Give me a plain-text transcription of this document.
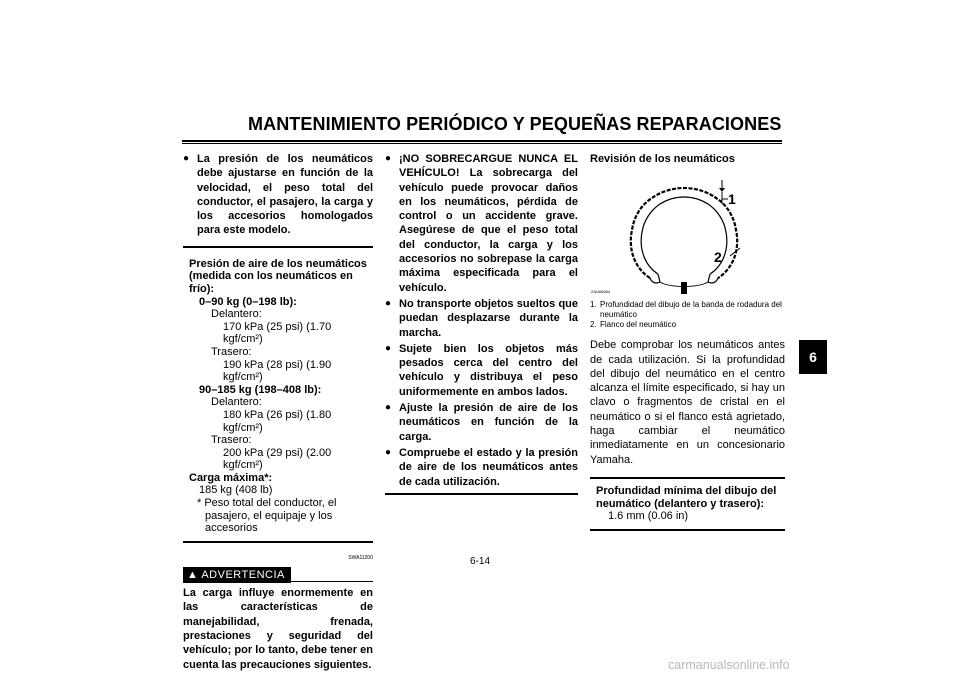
MANTENIMIENTO PERIÓDICO Y PEQUEÑAS REPARACIONES
6
● La presión de los neumáticos debe ajustarse en función de la velocidad, el peso total del conductor, el pasajero, la carga y los accesorios homologados para este modelo.
Presión de aire de los neumáticos (medida con los neumáticos en frío):
0–90 kg (0–198 lb):
Delantero:
170 kPa (25 psi) (1.70 kgf/cm²)
Trasero:
190 kPa (28 psi) (1.90 kgf/cm²)
90–185 kg (198–408 lb):
Delantero:
180 kPa (26 psi) (1.80 kgf/cm²)
Trasero:
200 kPa (29 psi) (2.00 kgf/cm²)
Carga máxima*:
185 kg (408 lb)
* Peso total del conductor, el pasajero, el equipaje y los accesorios
SWA11200
▲ ADVERTENCIA
La carga influye enormemente en las características de manejabilidad, frenada, prestaciones y seguridad del vehículo; por lo tanto, debe tener en cuenta las precauciones siguientes.
● ¡NO SOBRECARGUE NUNCA EL VEHÍCULO! La sobrecarga del vehículo puede provocar daños en los neumáticos, pérdida de control o un accidente grave. Asegúrese de que el peso total del conductor, la carga y los accesorios no sobrepase la carga máxima especificada para el vehículo.
● No transporte objetos sueltos que puedan desplazarse durante la marcha.
● Sujete bien los objetos más pesados cerca del centro del vehículo y distribuya el peso uniformemente en ambos lados.
● Ajuste la presión de aire de los neumáticos en función de la carga.
● Compruebe el estado y la presión de aire de los neumáticos antes de cada utilización.
Revisión de los neumáticos
ZAU66064
1
2
1. Profundidad del dibujo de la banda de rodadura del neumático
2. Flanco del neumático
Debe comprobar los neumáticos antes de cada utilización. Si la profundidad del dibujo del neumático en el centro alcanza el límite especificado, si hay un clavo o fragmentos de cristal en el neumático o si el flanco está agrietado, haga cambiar el neumático inmediatamente en un concesionario Yamaha.
Profundidad mínima del dibujo del neumático (delantero y trasero):
1.6 mm (0.06 in)
6-14
carmanualsonline.info
